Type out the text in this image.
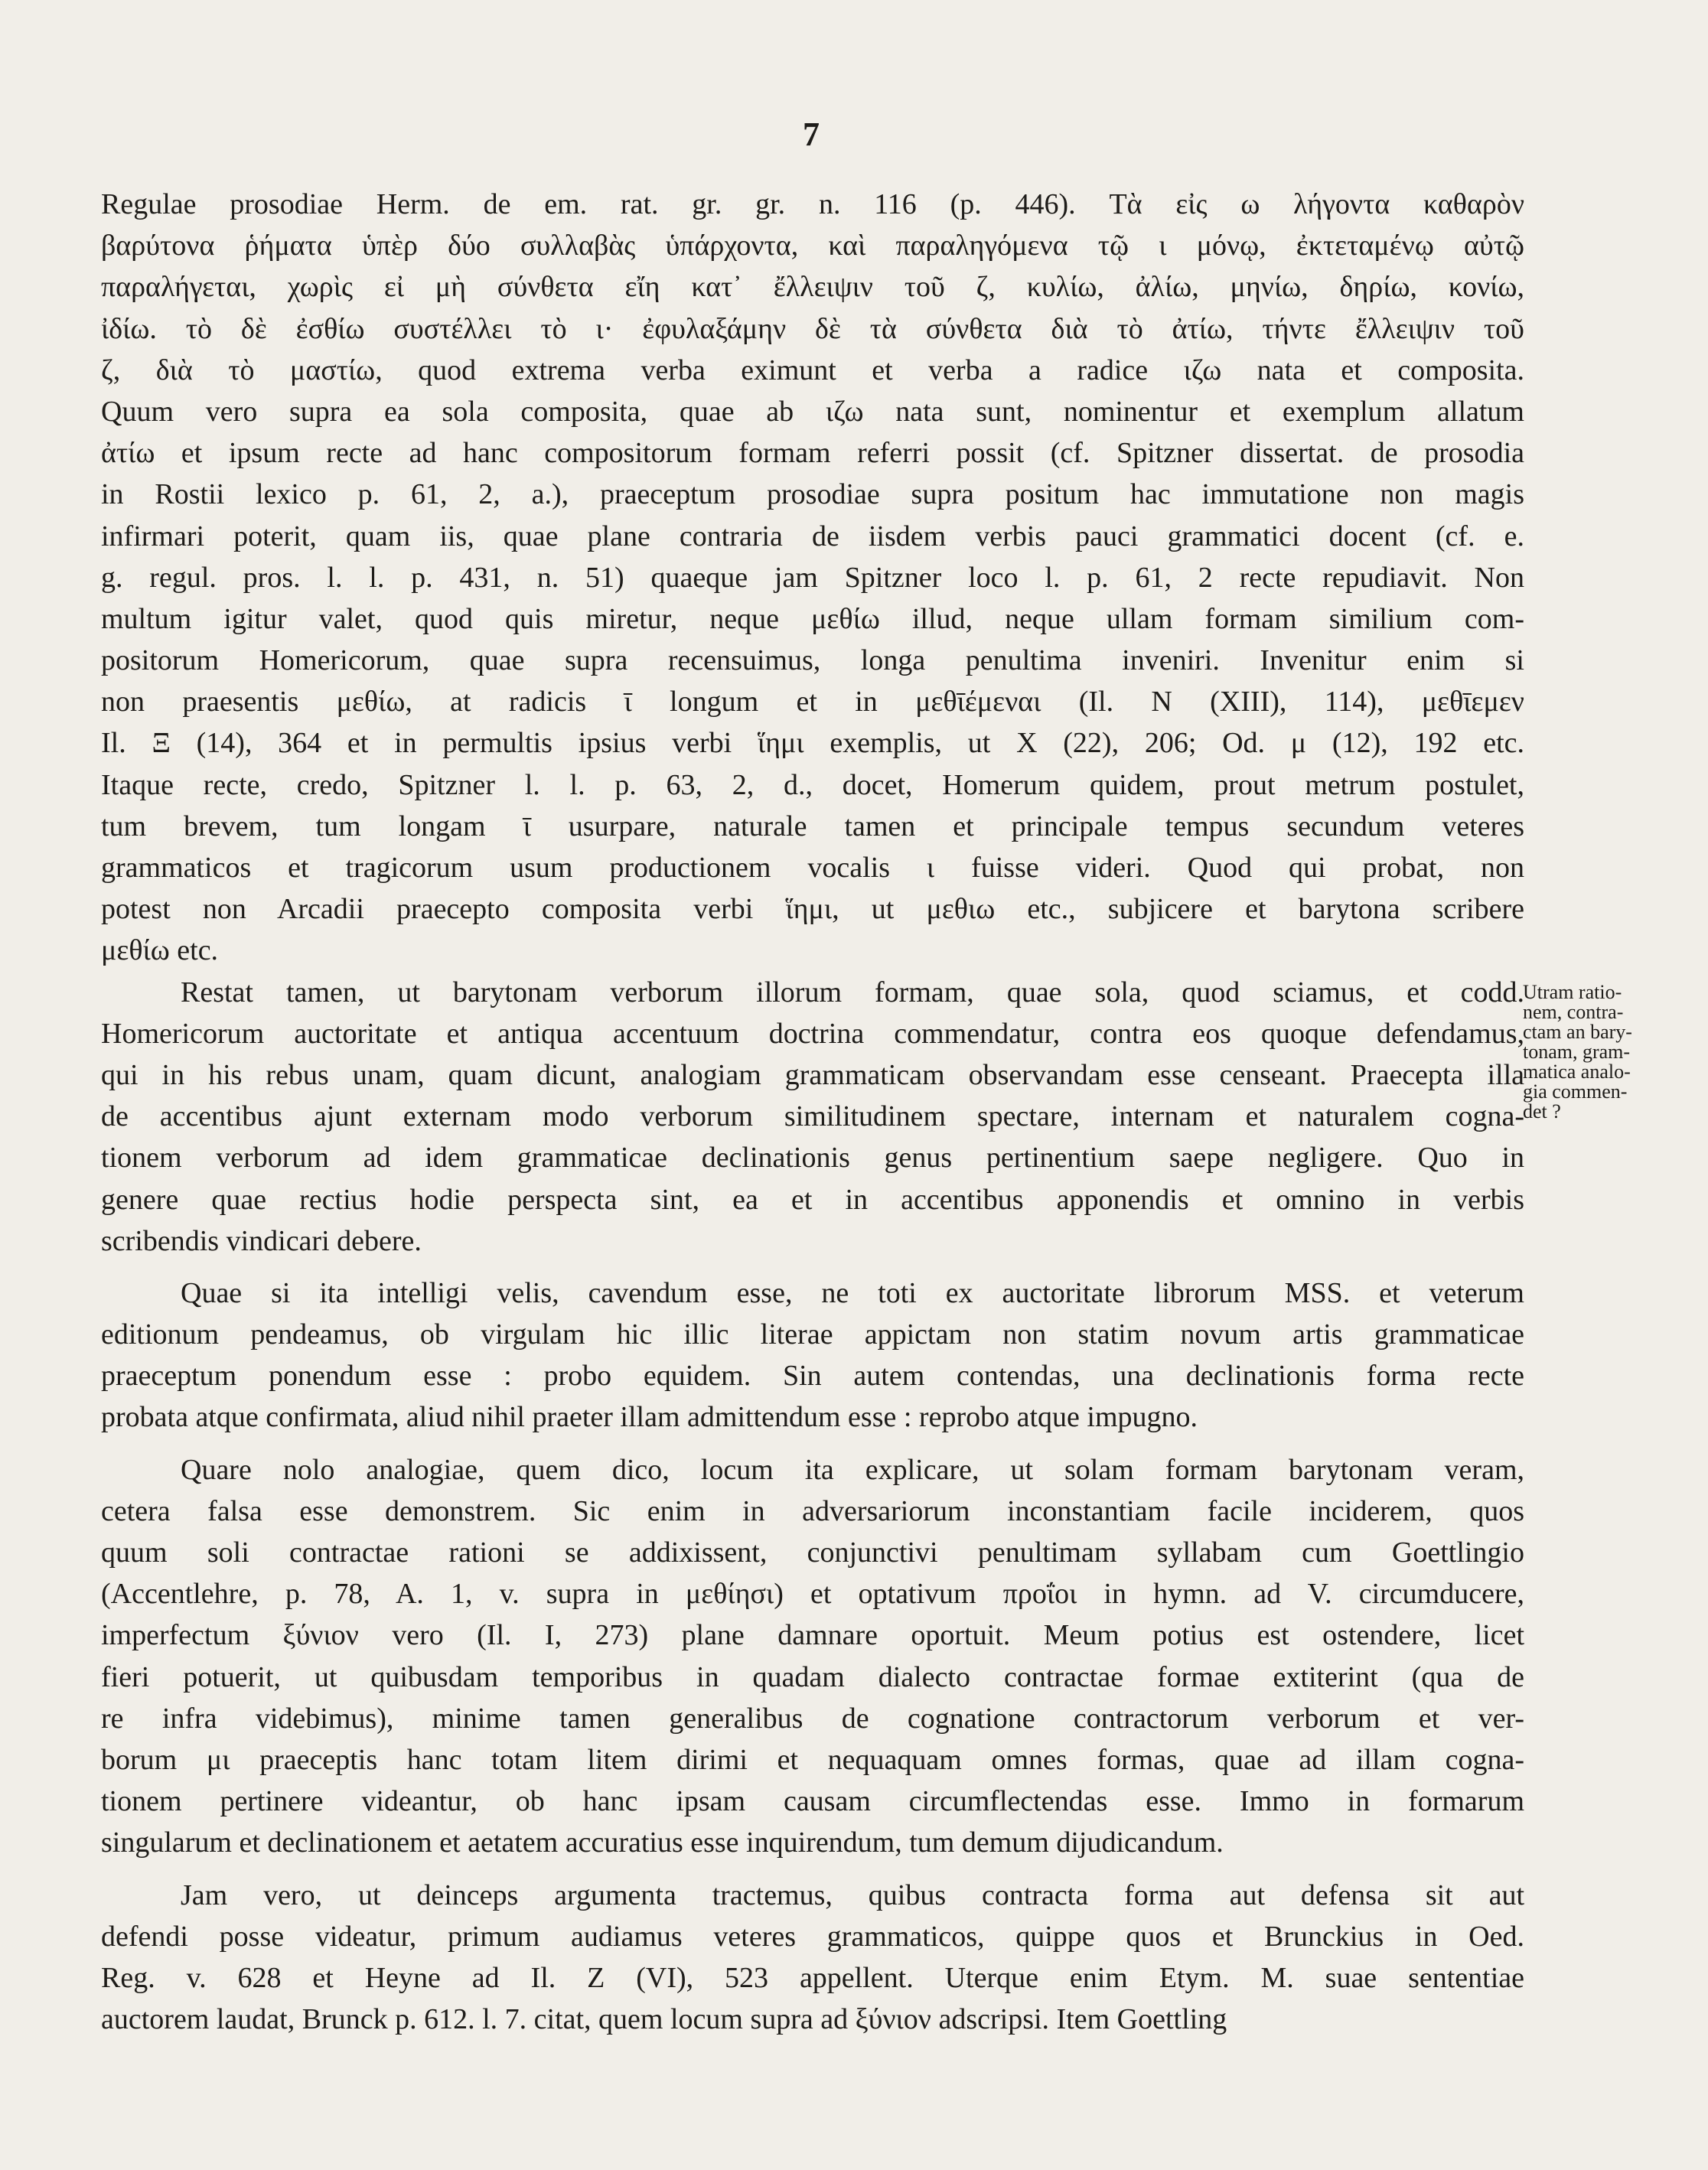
7
Regulae prosodiae Herm. de em. rat. gr. gr. n. 116 (p. 446). Τὰ εἰς ω λήγοντα καθαρὸν
βαρύτονα ῥήματα ὑπὲρ δύο συλλαβὰς ὑπάρχοντα, καὶ παραληγόμενα τῷ ι μόνῳ, ἐκτεταμένῳ αὐτῷ
παραλήγεται, χωρὶς εἰ μὴ σύνθετα εἴη κατ᾽ ἔλλειψιν τοῦ ζ, κυλίω, ἀλίω, μηνίω, δηρίω, κονίω,
ἰδίω. τὸ δὲ ἐσθίω συστέλλει τὸ ι· ἐφυλαξάμην δὲ τὰ σύνθετα διὰ τὸ ἀτίω, τήντε ἔλλειψιν τοῦ
ζ, διὰ τὸ μαστίω, quod extrema verba eximunt et verba a radice ιζω nata et composita.
Quum vero supra ea sola composita, quae ab ιζω nata sunt, nominentur et exemplum allatum
ἀτίω et ipsum recte ad hanc compositorum formam referri possit (cf. Spitzner dissertat. de prosodia
in Rostii lexico p. 61, 2, a.), praeceptum prosodiae supra positum hac immutatione non magis
infirmari poterit, quam iis, quae plane contraria de iisdem verbis pauci grammatici docent (cf. e.
g. regul. pros. l. l. p. 431, n. 51) quaeque jam Spitzner loco l. p. 61, 2 recte repudiavit. Non
multum igitur valet, quod quis miretur, neque μεθίω illud, neque ullam formam similium com-
positorum Homericorum, quae supra recensuimus, longa penultima inveniri. Invenitur enim si
non praesentis μεθίω, at radicis ῑ longum et in μεθῑέμεναι (Il. Ν (XIII), 114), μεθῑεμεν
Il. Ξ (14), 364 et in permultis ipsius verbi ἵημι exemplis, ut Χ (22), 206; Od. μ (12), 192 etc.
Itaque recte, credo, Spitzner l. l. p. 63, 2, d., docet, Homerum quidem, prout metrum postulet,
tum brevem, tum longam ῑ usurpare, naturale tamen et principale tempus secundum veteres
grammaticos et tragicorum usum productionem vocalis ι fuisse videri. Quod qui probat, non
potest non Arcadii praecepto composita verbi ἵημι, ut μεθιω etc., subjicere et barytona scribere
μεθίω etc.
Restat tamen, ut barytonam verborum illorum formam, quae sola, quod sciamus, et codd.
Homericorum auctoritate et antiqua accentuum doctrina commendatur, contra eos quoque defendamus,
qui in his rebus unam, quam dicunt, analogiam grammaticam observandam esse censeant. Praecepta illa
de accentibus ajunt externam modo verborum similitudinem spectare, internam et naturalem cogna-
tionem verborum ad idem grammaticae declinationis genus pertinentium saepe negligere. Quo in
genere quae rectius hodie perspecta sint, ea et in accentibus apponendis et omnino in verbis
scribendis vindicari debere.
Quae si ita intelligi velis, cavendum esse, ne toti ex auctoritate librorum MSS. et veterum
editionum pendeamus, ob virgulam hic illic literae appictam non statim novum artis grammaticae
praeceptum ponendum esse : probo equidem. Sin autem contendas, una declinationis forma recte
probata atque confirmata, aliud nihil praeter illam admittendum esse : reprobo atque impugno.
Quare nolo analogiae, quem dico, locum ita explicare, ut solam formam barytonam veram,
cetera falsa esse demonstrem. Sic enim in adversariorum inconstantiam facile inciderem, quos
quum soli contractae rationi se addixissent, conjunctivi penultimam syllabam cum Goettlingio
(Accentlehre, p. 78, A. 1, v. supra in μεθίησι) et optativum προΐοι in hymn. ad V. circumducere,
imperfectum ξύνιον vero (Il. Ι, 273) plane damnare oportuit. Meum potius est ostendere, licet
fieri potuerit, ut quibusdam temporibus in quadam dialecto contractae formae extiterint (qua de
re infra videbimus), minime tamen generalibus de cognatione contractorum verborum et ver-
borum μι praeceptis hanc totam litem dirimi et nequaquam omnes formas, quae ad illam cogna-
tionem pertinere videantur, ob hanc ipsam causam circumflectendas esse. Immo in formarum
singularum et declinationem et aetatem accuratius esse inquirendum, tum demum dijudicandum.
Jam vero, ut deinceps argumenta tractemus, quibus contracta forma aut defensa sit aut
defendi posse videatur, primum audiamus veteres grammaticos, quippe quos et Brunckius in Oed.
Reg. v. 628 et Heyne ad Il. Ζ (VI), 523 appellent. Uterque enim Etym. M. suae sententiae
auctorem laudat, Brunck p. 612. l. 7. citat, quem locum supra ad ξύνιον adscripsi. Item Goettling
Utram ratio-
nem, contra-
ctam an bary-
tonam, gram-
matica analo-
gia commen-
det ?
